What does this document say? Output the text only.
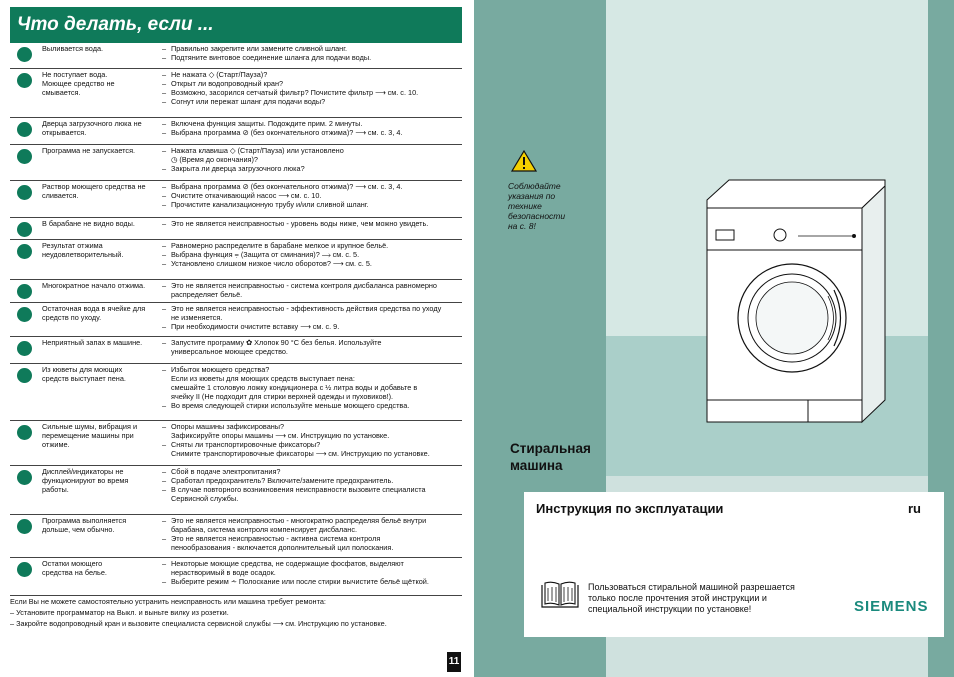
Что делать, если ...
Выливается вода.	– Правильно закрепите или замените сливной шланг.
– Подтяните винтовое соединение шланга для подачи воды.
Не поступает вода.
Моющее средство не
смывается.
– Не нажата ◇ (Старт/Пауза)?
– Открыт ли водопроводный кран?
– Возможно, засорился сетчатый фильтр? Почистите фильтр ⟶ см. с. 10.
– Согнут или пережат шланг для подачи воды?
Дверца загрузочного люка не
открывается.
– Включена функция защиты. Подождите прим. 2 минуты.
– Выбрана программа ⊘ (без окончательного отжима)? ⟶ см. с. 3, 4.
Программа не запускается.	– Нажата клавиша ◇ (Старт/Пауза) или установлено
◷ (Время до окончания)?
– Закрыта ли дверца загрузочного люка?
Раствор моющего средства не
сливается.
– Выбрана программа ⊘ (без окончательного отжима)? ⟶ см. с. 3, 4.
– Очистите откачивающий насос ⟶ см. с. 10.
– Прочистите канализационную трубу и/или сливной шланг.
В барабане не видно воды.	– Это не является неисправностью - уровень воды ниже, чем можно увидеть.
Результат отжима
неудовлетворительный.
– Равномерно распределите в барабане мелкое и крупное бельё.
– Выбрана функция ⩦ (Защита от сминания)? ⟶ см. с. 5.
– Установлено слишком низкое число оборотов? ⟶ см. с. 5.
Многократное начало отжима.	– Это не является неисправностью - система контроля дисбаланса равномерно
распределяет бельё.
Остаточная вода в ячейке для
средств по уходу.
– Это не является неисправностью - эффективность действия средства по уходу
не изменяется.
– При необходимости очистите вставку ⟶ см. с. 9.
Неприятный запах в машине.	– Запустите программу ✿ Хлопок 90 °C без белья. Используйте
универсальное моющее средство.
Из кюветы для моющих
средств выступает пена.
– Избыток моющего средства?
Если из кюветы для моющих средств выступает пена:
смешайте 1 столовую ложку кондиционера с ½ литра воды и добавьте в
ячейку II (Не подходит для стирки верхней одежды и пуховиков!).
– Во время следующей стирки используйте меньше моющего средства.
Сильные шумы, вибрация и
перемещение машины при
отжиме.
– Опоры машины зафиксированы?
Зафиксируйте опоры машины ⟶ см. Инструкцию по установке.
– Сняты ли транспортировочные фиксаторы?
Снимите транспортировочные фиксаторы ⟶ см. Инструкцию по установке.
Дисплей/индикаторы не
функционируют во время
работы.
– Сбой в подаче электропитания?
– Сработал предохранитель? Включите/замените предохранитель.
– В случае повторного возникновения неисправности вызовите специалиста
Сервисной службы.
Программа выполняется
дольше, чем обычно.
– Это не является неисправностью - многократно распределяя бельё внутри
барабана, система контроля компенсирует дисбаланс.
– Это не является неисправностью - активна система контроля
пенообразования - включается дополнительный цил полоскания.
Остатки моющего
средства на белье.
– Некоторые моющие средства, не содержащие фосфатов, выделяют
нерастворимый в воде осадок.
– Выберите режим ⩪ Полоскание или после стирки вычистите бельё щёткой.
Если Вы не можете самостоятельно устранить неисправность или машина требует ремонта:
– Установите программатор на Выкл. и выньте вилку из розетки.
– Закройте водопроводный кран и вызовите специалиста сервисной службы ⟶ см. Инструкцию по установке.
11
Соблюдайте
указания по
технике
безопасности
на с. 8!
Стиральная
машина
Инструкция по эксплуатации	ru
Пользоваться стиральной машиной разрешается
только после прочтения этой инструкции и
специальной инструкции по установке!	SIEMENS
